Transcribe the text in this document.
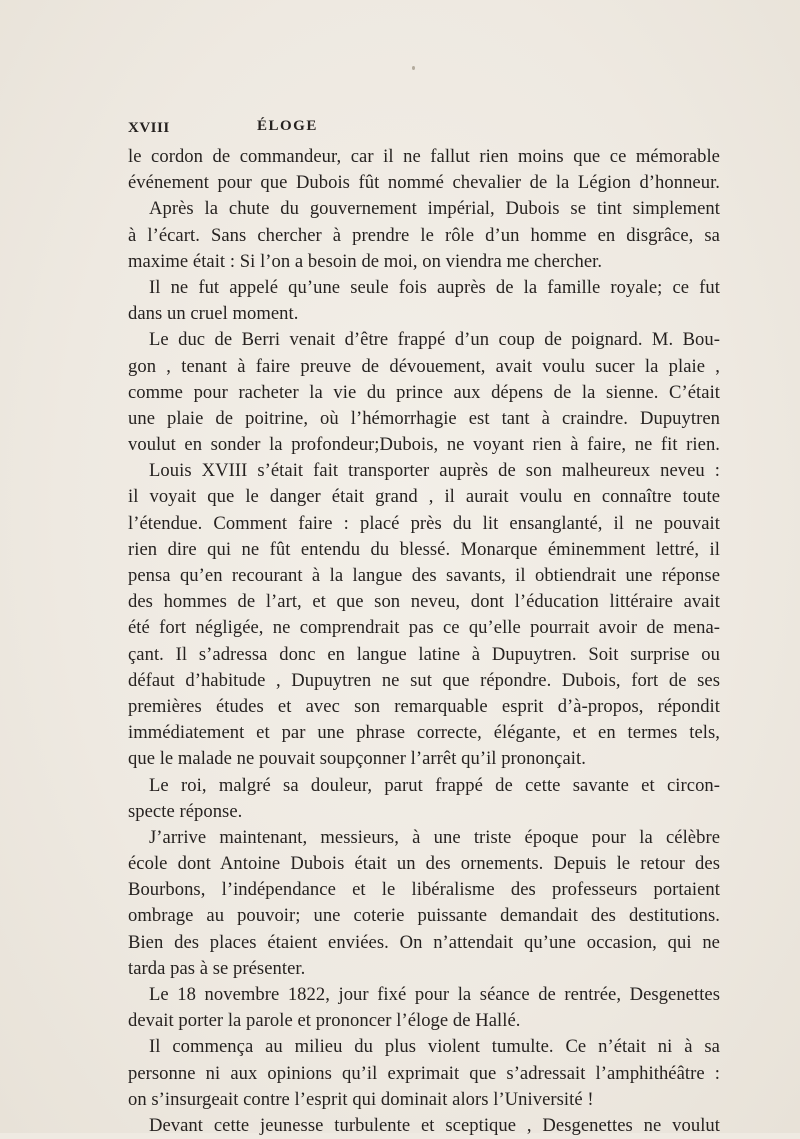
XVIII	ÉLOGE
le cordon de commandeur, car il ne fallut rien moins que ce mémorable
événement pour que Dubois fût nommé chevalier de la Légion d’honneur.
Après la chute du gouvernement impérial, Dubois se tint simplement
à l’écart. Sans chercher à prendre le rôle d’un homme en disgrâce, sa
maxime était : Si l’on a besoin de moi, on viendra me chercher.
Il ne fut appelé qu’une seule fois auprès de la famille royale; ce fut
dans un cruel moment.
Le duc de Berri venait d’être frappé d’un coup de poignard. M. Bou-
gon , tenant à faire preuve de dévouement, avait voulu sucer la plaie ,
comme pour racheter la vie du prince aux dépens de la sienne. C’était
une plaie de poitrine, où l’hémorrhagie est tant à craindre. Dupuytren
voulut en sonder la profondeur;Dubois, ne voyant rien à faire, ne fit rien.
Louis XVIII s’était fait transporter auprès de son malheureux neveu :
il voyait que le danger était grand , il aurait voulu en connaître toute
l’étendue. Comment faire : placé près du lit ensanglanté, il ne pouvait
rien dire qui ne fût entendu du blessé. Monarque éminemment lettré, il
pensa qu’en recourant à la langue des savants, il obtiendrait une réponse
des hommes de l’art, et que son neveu, dont l’éducation littéraire avait
été fort négligée, ne comprendrait pas ce qu’elle pourrait avoir de mena-
çant. Il s’adressa donc en langue latine à Dupuytren. Soit surprise ou
défaut d’habitude , Dupuytren ne sut que répondre. Dubois, fort de ses
premières études et avec son remarquable esprit d’à-propos, répondit
immédiatement et par une phrase correcte, élégante, et en termes tels,
que le malade ne pouvait soupçonner l’arrêt qu’il prononçait.
Le roi, malgré sa douleur, parut frappé de cette savante et circon-
specte réponse.
J’arrive maintenant, messieurs, à une triste époque pour la célèbre
école dont Antoine Dubois était un des ornements. Depuis le retour des
Bourbons, l’indépendance et le libéralisme des professeurs portaient
ombrage au pouvoir; une coterie puissante demandait des destitutions.
Bien des places étaient enviées. On n’attendait qu’une occasion, qui ne
tarda pas à se présenter.
Le 18 novembre 1822, jour fixé pour la séance de rentrée, Desgenettes
devait porter la parole et prononcer l’éloge de Hallé.
Il commença au milieu du plus violent tumulte. Ce n’était ni à sa
personne ni aux opinions qu’il exprimait que s’adressait l’amphithéâtre :
on s’insurgeait contre l’esprit qui dominait alors l’Université !
Devant cette jeunesse turbulente et sceptique , Desgenettes ne voulut
